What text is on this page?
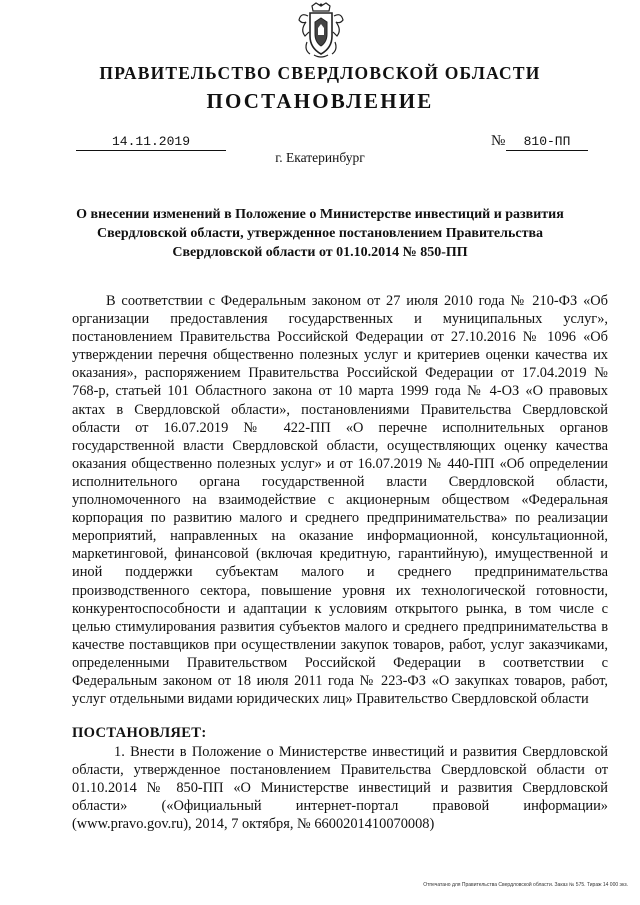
ПРАВИТЕЛЬСТВО СВЕРДЛОВСКОЙ ОБЛАСТИ
ПОСТАНОВЛЕНИЕ
14.11.2019	№	810-ПП
г. Екатеринбург
О внесении изменений в Положение о Министерстве инвестиций и развития Свердловской области, утвержденное постановлением Правительства Свердловской области от 01.10.2014 № 850-ПП

В соответствии с Федеральным законом от 27 июля 2010 года № 210-ФЗ «Об организации предоставления государственных и муниципальных услуг», постановлением Правительства Российской Федерации от 27.10.2016 № 1096 «Об утверждении перечня общественно полезных услуг и критериев оценки качества их оказания», распоряжением Правительства Российской Федерации от 17.04.2019 № 768-р, статьей 101 Областного закона от 10 марта 1999 года № 4-ОЗ «О правовых актах в Свердловской области», постановлениями Правительства Свердловской области от 16.07.2019 № 422-ПП «О перечне исполнительных органов государственной власти Свердловской области, осуществляющих оценку качества оказания общественно полезных услуг» и от 16.07.2019 № 440-ПП «Об определении исполнительного органа государственной власти Свердловской области, уполномоченного на взаимодействие с акционерным обществом «Федеральная корпорация по развитию малого и среднего предпринимательства» по реализации мероприятий, направленных на оказание информационной, консультационной, маркетинговой, финансовой (включая кредитную, гарантийную), имущественной и иной поддержки субъектам малого и среднего предпринимательства производственного сектора, повышение уровня их технологической готовности, конкурентоспособности и адаптации к условиям открытого рынка, в том числе с целью стимулирования развития субъектов малого и среднего предпринимательства в качестве поставщиков при осуществлении закупок товаров, работ, услуг заказчиками, определенными Правительством Российской Федерации в соответствии с Федеральным законом от 18 июля 2011 года № 223-ФЗ «О закупках товаров, работ, услуг отдельными видами юридических лиц» Правительство Свердловской области

ПОСТАНОВЛЯЕТ:

1. Внести в Положение о Министерстве инвестиций и развития Свердловской области, утвержденное постановлением Правительства Свердловской области от 01.10.2014 № 850-ПП «О Министерстве инвестиций и развития Свердловской области» («Официальный интернет-портал правовой информации» (www.pravo.gov.ru), 2014, 7 октября, № 6600201410070008)

Отпечатано для Правительства Свердловской области. Заказ № 575. Тираж 14 000 экз.
